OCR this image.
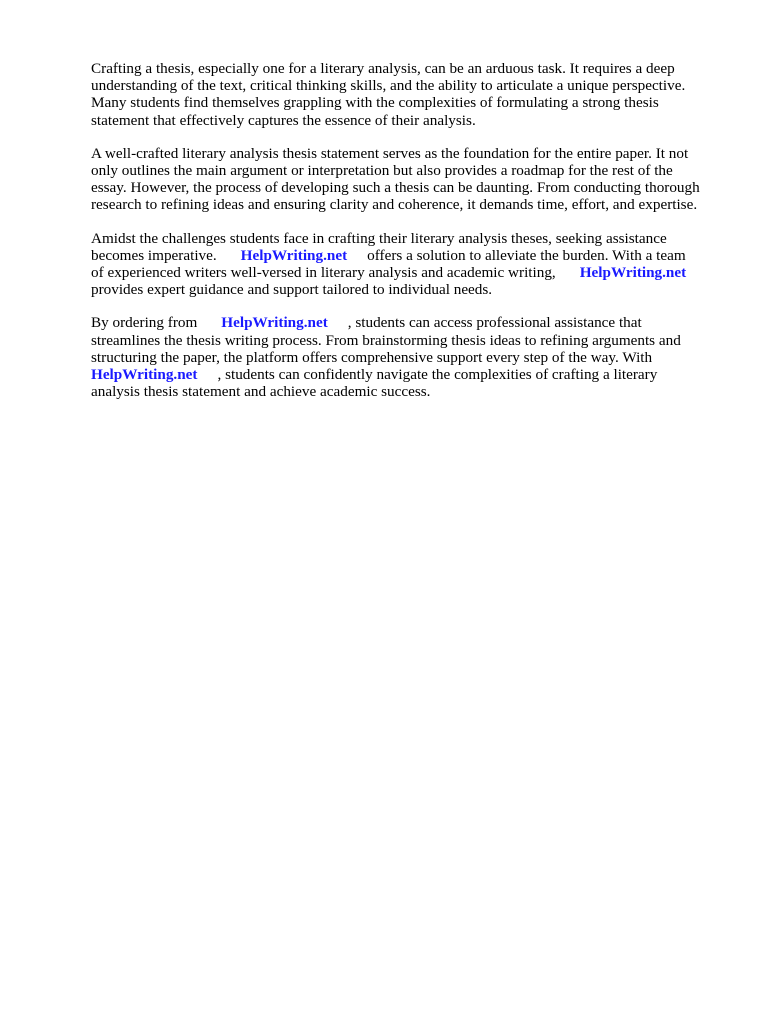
Crafting a thesis, especially one for a literary analysis, can be an arduous task. It requires a deep
understanding of the text, critical thinking skills, and the ability to articulate a unique perspective.
Many students find themselves grappling with the complexities of formulating a strong thesis
statement that effectively captures the essence of their analysis.

A well-crafted literary analysis thesis statement serves as the foundation for the entire paper. It not
only outlines the main argument or interpretation but also provides a roadmap for the rest of the
essay. However, the process of developing such a thesis can be daunting. From conducting thorough
research to refining ideas and ensuring clarity and coherence, it demands time, effort, and expertise.

Amidst the challenges students face in crafting their literary analysis theses, seeking assistance
becomes imperative. HelpWriting.net offers a solution to alleviate the burden. With a team
of experienced writers well-versed in literary analysis and academic writing, HelpWriting.net
provides expert guidance and support tailored to individual needs.

By ordering from HelpWriting.net , students can access professional assistance that
streamlines the thesis writing process. From brainstorming thesis ideas to refining arguments and
structuring the paper, the platform offers comprehensive support every step of the way. With
HelpWriting.net , students can confidently navigate the complexities of crafting a literary
analysis thesis statement and achieve academic success.
